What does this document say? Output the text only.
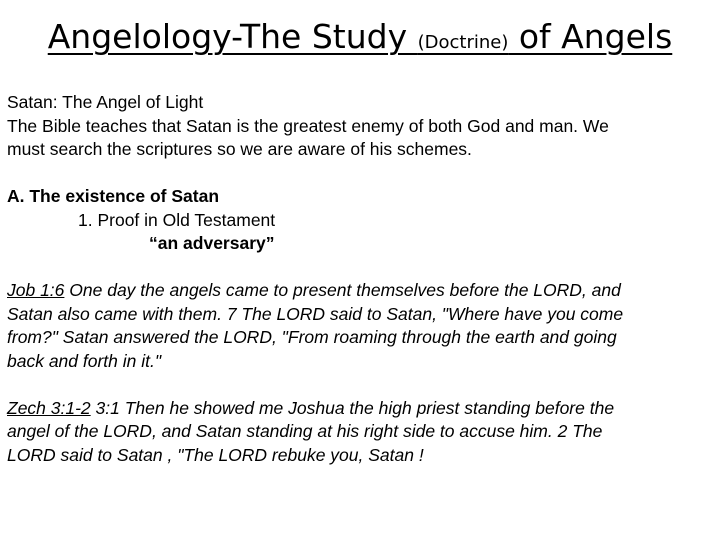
Angelology-The Study (Doctrine) of Angels
Satan: The Angel of Light
The Bible teaches that Satan is the greatest enemy of both God and man. We
must search the scriptures so we are aware of his schemes.
A. The existence of Satan
1. Proof in Old Testament
“an adversary”
Job 1:6 One day the angels came to present themselves before the LORD, and
Satan also came with them. 7 The LORD said to Satan, "Where have you come
from?" Satan answered the LORD, "From roaming through the earth and going
back and forth in it."
Zech 3:1-2 3:1 Then he showed me Joshua the high priest standing before the
angel of the LORD, and Satan standing at his right side to accuse him. 2 The
LORD said to Satan , "The LORD rebuke you, Satan !
